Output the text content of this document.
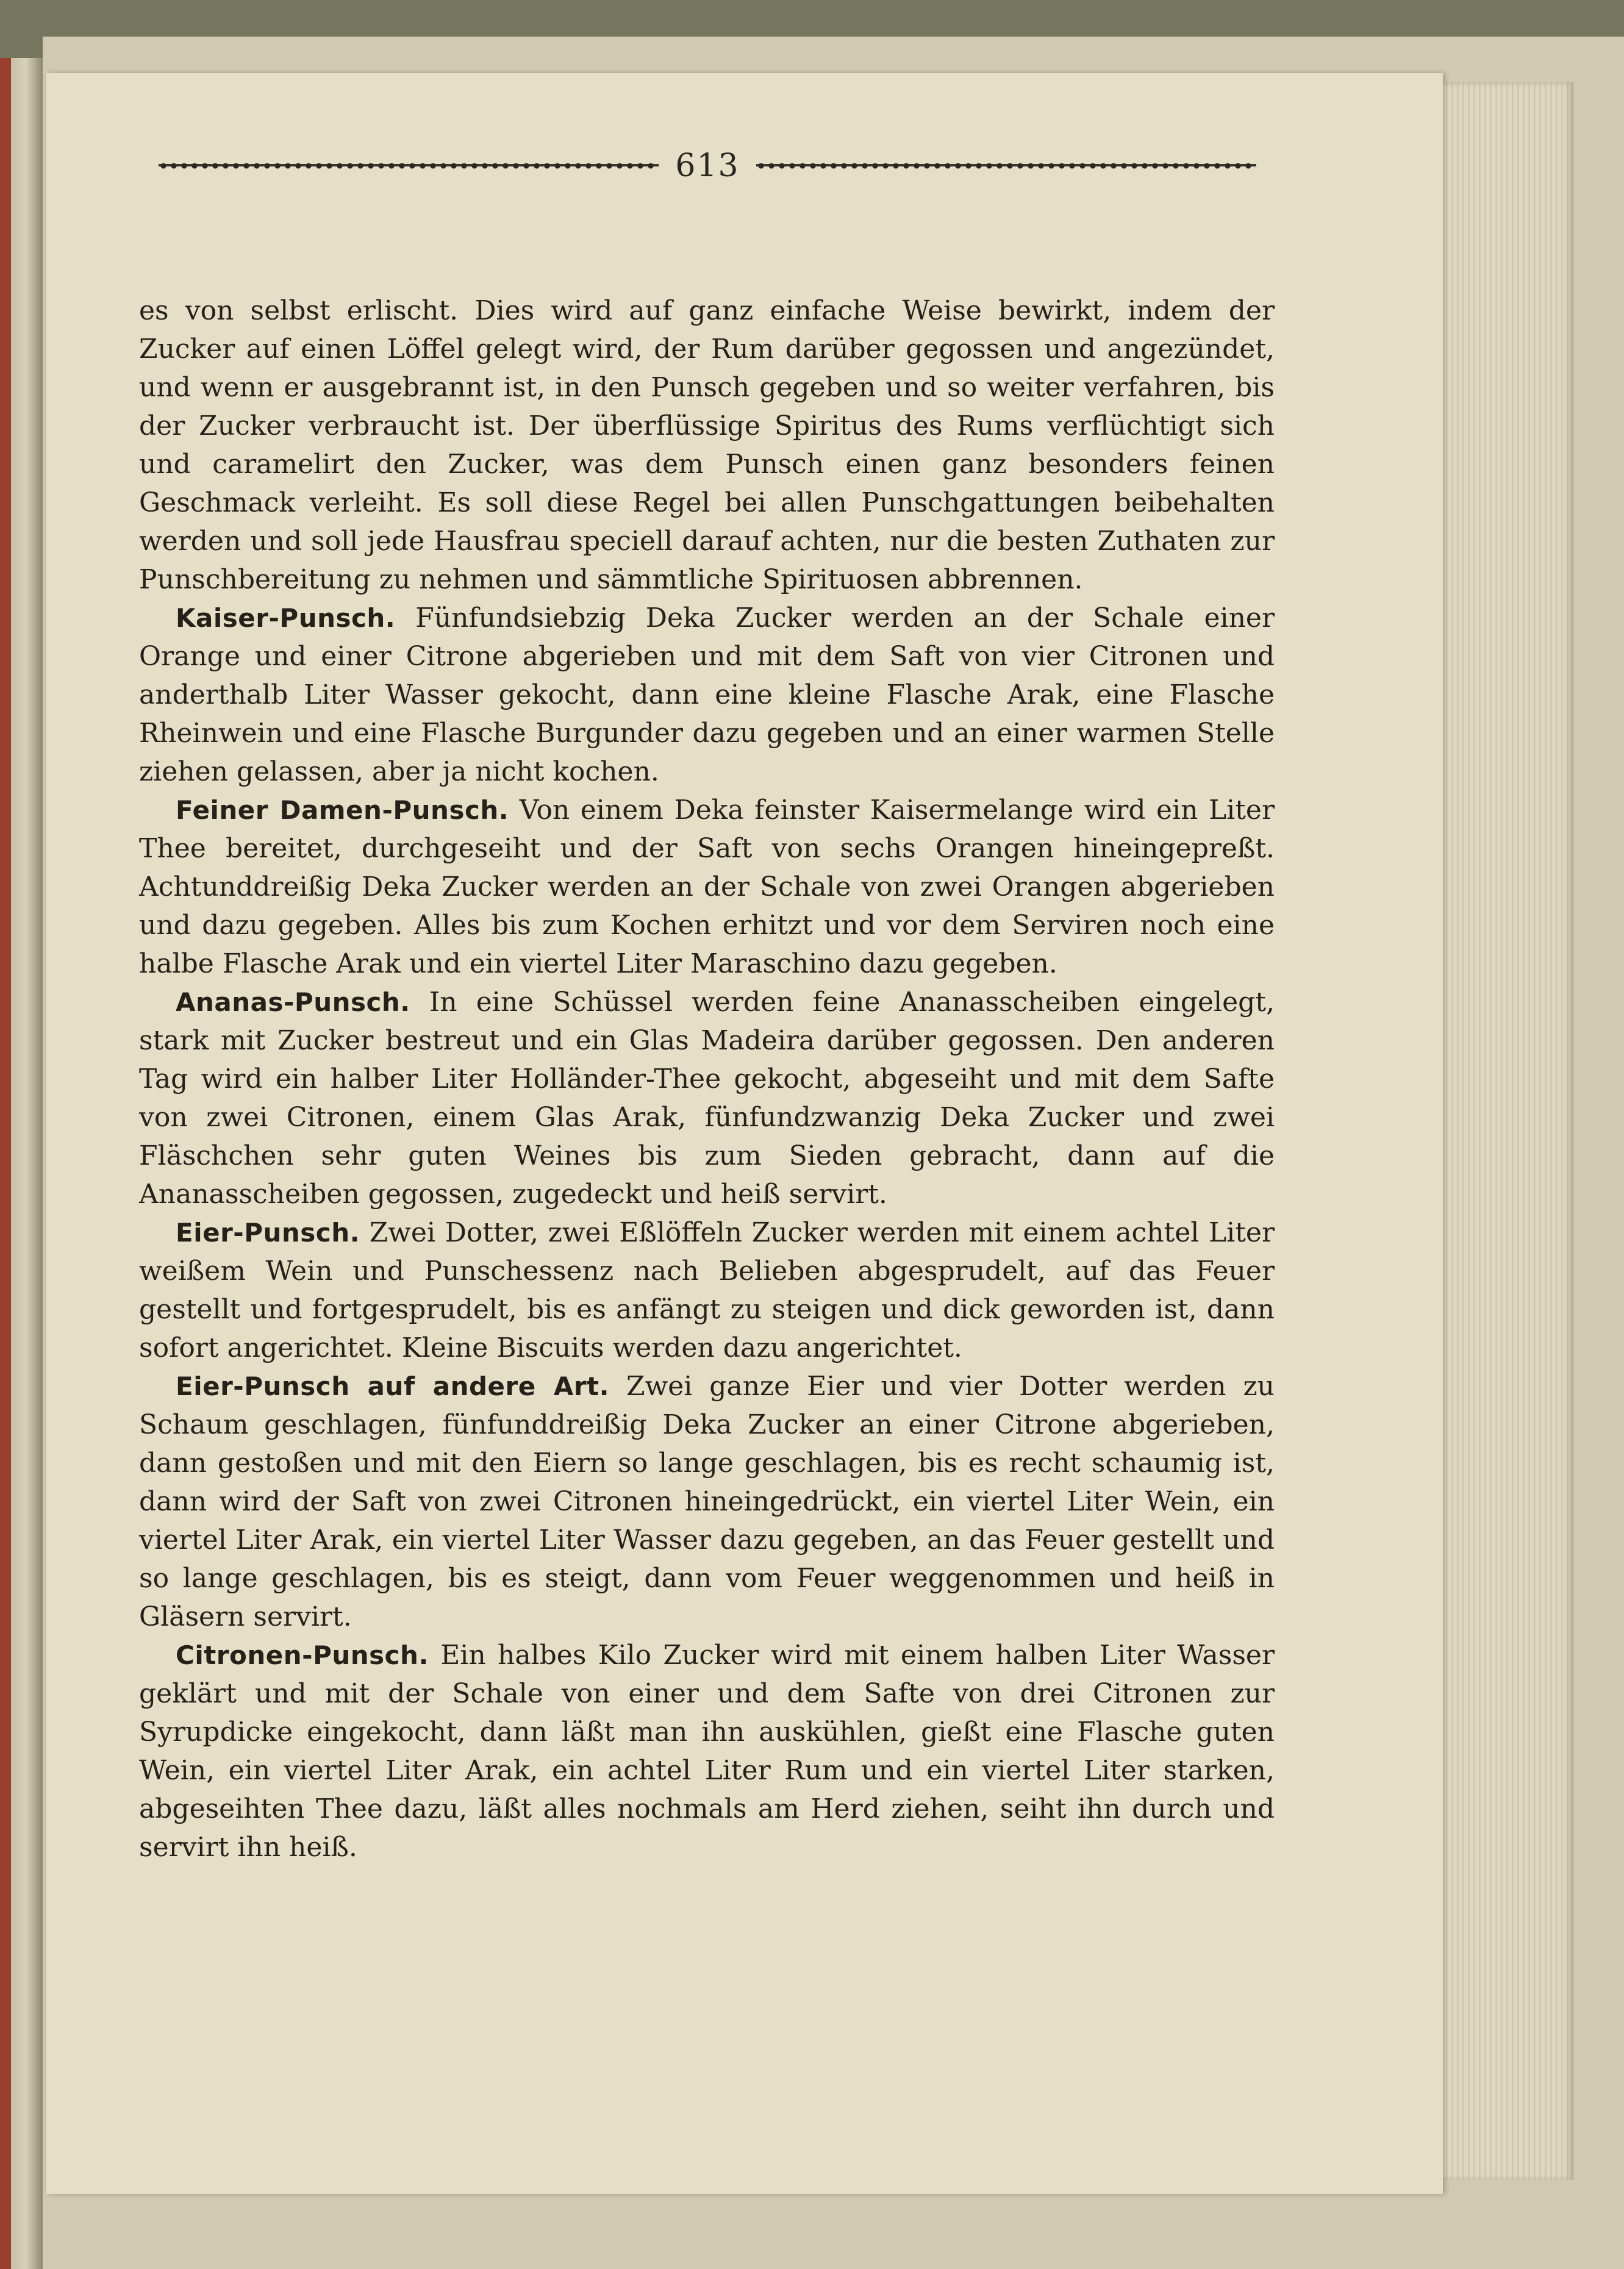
613

es von selbst erlischt. Dies wird auf ganz einfache Weise bewirkt, indem der Zucker auf einen Löffel gelegt wird, der Rum darüber gegossen und angezündet, und wenn er ausgebrannt ist, in den Punsch gegeben und so weiter verfahren, bis der Zucker verbraucht ist. Der überflüssige Spiritus des Rums verflüchtigt sich und caramelirt den Zucker, was dem Punsch einen ganz besonders feinen Geschmack verleiht. Es soll diese Regel bei allen Punschgattungen beibehalten werden und soll jede Hausfrau speciell darauf achten, nur die besten Zuthaten zur Punschbereitung zu nehmen und sämmtliche Spirituosen abbrennen.

Kaiser-Punsch. Fünfundsiebzig Deka Zucker werden an der Schale einer Orange und einer Citrone abgerieben und mit dem Saft von vier Citronen und anderthalb Liter Wasser gekocht, dann eine kleine Flasche Arak, eine Flasche Rheinwein und eine Flasche Burgunder dazu gegeben und an einer warmen Stelle ziehen gelassen, aber ja nicht kochen.

Feiner Damen-Punsch. Von einem Deka feinster Kaisermelange wird ein Liter Thee bereitet, durchgeseiht und der Saft von sechs Orangen hineingepreßt. Achtunddreißig Deka Zucker werden an der Schale von zwei Orangen abgerieben und dazu gegeben. Alles bis zum Kochen erhitzt und vor dem Serviren noch eine halbe Flasche Arak und ein viertel Liter Maraschino dazu gegeben.

Ananas-Punsch. In eine Schüssel werden feine Ananasscheiben eingelegt, stark mit Zucker bestreut und ein Glas Madeira darüber gegossen. Den anderen Tag wird ein halber Liter Holländer-Thee gekocht, abgeseiht und mit dem Safte von zwei Citronen, einem Glas Arak, fünfundzwanzig Deka Zucker und zwei Fläschchen sehr guten Weines bis zum Sieden gebracht, dann auf die Ananasscheiben gegossen, zugedeckt und heiß servirt.

Eier-Punsch. Zwei Dotter, zwei Eßlöffeln Zucker werden mit einem achtel Liter weißem Wein und Punschessenz nach Belieben abgesprudelt, auf das Feuer gestellt und fortgesprudelt, bis es anfängt zu steigen und dick geworden ist, dann sofort angerichtet. Kleine Biscuits werden dazu angerichtet.

Eier-Punsch auf andere Art. Zwei ganze Eier und vier Dotter werden zu Schaum geschlagen, fünfunddreißig Deka Zucker an einer Citrone abgerieben, dann gestoßen und mit den Eiern so lange geschlagen, bis es recht schaumig ist, dann wird der Saft von zwei Citronen hineingedrückt, ein viertel Liter Wein, ein viertel Liter Arak, ein viertel Liter Wasser dazu gegeben, an das Feuer gestellt und so lange geschlagen, bis es steigt, dann vom Feuer weggenommen und heiß in Gläsern servirt.

Citronen-Punsch. Ein halbes Kilo Zucker wird mit einem halben Liter Wasser geklärt und mit der Schale von einer und dem Safte von drei Citronen zur Syrupdicke eingekocht, dann läßt man ihn auskühlen, gießt eine Flasche guten Wein, ein viertel Liter Arak, ein achtel Liter Rum und ein viertel Liter starken, abgeseihten Thee dazu, läßt alles nochmals am Herd ziehen, seiht ihn durch und servirt ihn heiß.
